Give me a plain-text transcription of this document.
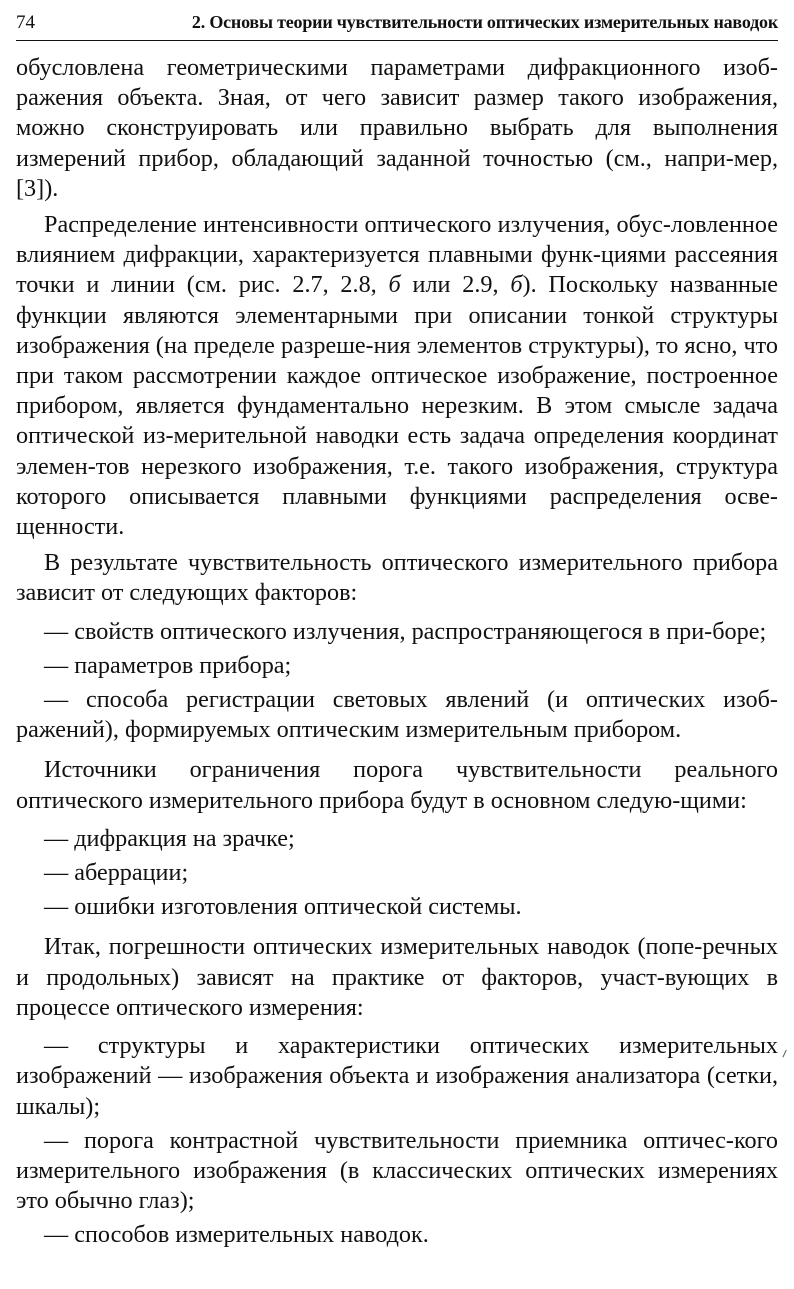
74	2. Основы теории чувствительности оптических измерительных наводок

обусловлена геометрическими параметрами дифракционного изоб-ражения объекта. Зная, от чего зависит размер такого изображения, можно сконструировать или правильно выбрать для выполнения измерений прибор, обладающий заданной точностью (см., напри-мер, [3]).

Распределение интенсивности оптического излучения, обус-ловленное влиянием дифракции, характеризуется плавными функ-циями рассеяния точки и линии (см. рис. 2.7, 2.8, б или 2.9, б). Поскольку названные функции являются элементарными при описании тонкой структуры изображения (на пределе разреше-ния элементов структуры), то ясно, что при таком рассмотрении каждое оптическое изображение, построенное прибором, является фундаментально нерезким. В этом смысле задача оптической из-мерительной наводки есть задача определения координат элемен-тов нерезкого изображения, т.е. такого изображения, структура которого описывается плавными функциями распределения осве-щенности.

В результате чувствительность оптического измерительного прибора зависит от следующих факторов:

— свойств оптического излучения, распространяющегося в при-боре;

— параметров прибора;

— способа регистрации световых явлений (и оптических изоб-ражений), формируемых оптическим измерительным прибором.

Источники ограничения порога чувствительности реального оптического измерительного прибора будут в основном следую-щими:

— дифракция на зрачке;

— аберрации;

— ошибки изготовления оптической системы.

Итак, погрешности оптических измерительных наводок (попе-речных и продольных) зависят на практике от факторов, участ-вующих в процессе оптического измерения:

— структуры и характеристики оптических измерительных изображений — изображения объекта и изображения анализатора (сетки, шкалы);

— порога контрастной чувствительности приемника оптичес-кого измерительного изображения (в классических оптических измерениях это обычно глаз);

— способов измерительных наводок.
